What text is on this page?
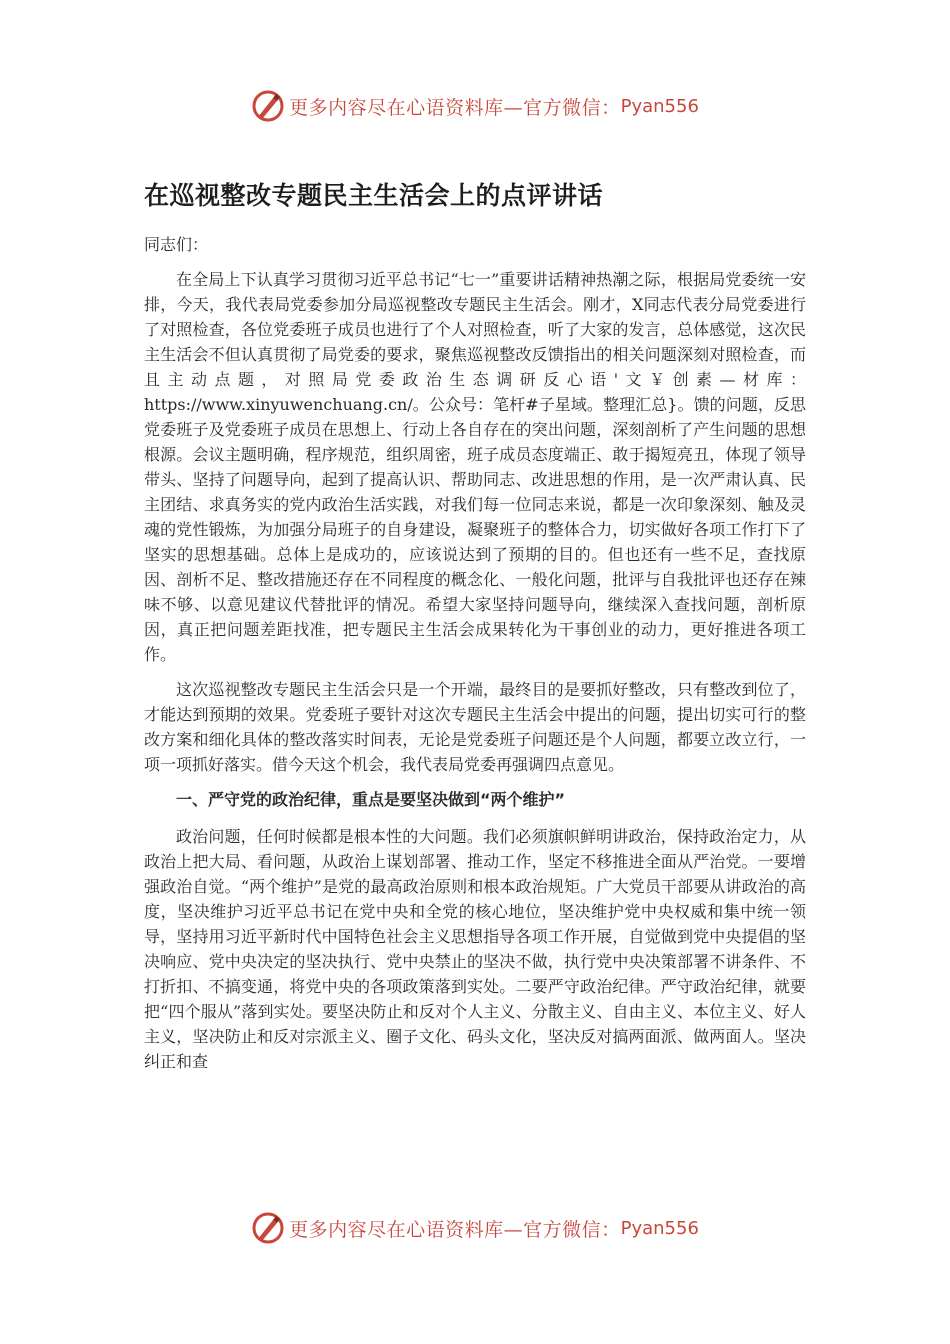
更多内容尽在心语资料库—官方微信： Pyan556
在巡视整改专题民主生活会上的点评讲话
同志们：

在全局上下认真学习贯彻习近平总书记“七一”重要讲话精神热潮之际，根据局党委统一安排，今天，我代表局党委参加分局巡视整改专题民主生活会。刚才，X同志代表分局党委进行了对照检查，各位党委班子成员也进行了个人对照检查，听了大家的发言，总体感觉，这次民主生活会不但认真贯彻了局党委的要求，聚焦巡视整改反馈指出的相关问题深刻对照检查，而且主动点题，对照局党委政治生态调研反心语'文￥创素—材库：https://www.xinyuwenchuang.cn/。公众号：笔杆#子星域。整理汇总}。馈的问题，反思党委班子及党委班子成员在思想上、行动上各自存在的突出问题，深刻剖析了产生问题的思想根源。会议主题明确，程序规范，组织周密，班子成员态度端正、敢于揭短亮丑，体现了领导带头、坚持了问题导向，起到了提高认识、帮助同志、改进思想的作用，是一次严肃认真、民主团结、求真务实的党内政治生活实践，对我们每一位同志来说，都是一次印象深刻、触及灵魂的党性锻炼，为加强分局班子的自身建设，凝聚班子的整体合力，切实做好各项工作打下了坚实的思想基础。总体上是成功的，应该说达到了预期的目的。但也还有一些不足，查找原因、剖析不足、整改措施还存在不同程度的概念化、一般化问题，批评与自我批评也还存在辣味不够、以意见建议代替批评的情况。希望大家坚持问题导向，继续深入查找问题，剖析原因，真正把问题差距找准，把专题民主生活会成果转化为干事创业的动力，更好推进各项工作。

这次巡视整改专题民主生活会只是一个开端，最终目的是要抓好整改，只有整改到位了，才能达到预期的效果。党委班子要针对这次专题民主生活会中提出的问题，提出切实可行的整改方案和细化具体的整改落实时间表，无论是党委班子问题还是个人问题，都要立改立行，一项一项抓好落实。借今天这个机会，我代表局党委再强调四点意见。

一、严守党的政治纪律，重点是要坚决做到“两个维护”

政治问题，任何时候都是根本性的大问题。我们必须旗帜鲜明讲政治，保持政治定力，从政治上把大局、看问题，从政治上谋划部署、推动工作，坚定不移推进全面从严治党。一要增强政治自觉。“两个维护”是党的最高政治原则和根本政治规矩。广大党员干部要从讲政治的高度，坚决维护习近平总书记在党中央和全党的核心地位，坚决维护党中央权威和集中统一领导，坚持用习近平新时代中国特色社会主义思想指导各项工作开展，自觉做到党中央提倡的坚决响应、党中央决定的坚决执行、党中央禁止的坚决不做，执行党中央决策部署不讲条件、不打折扣、不搞变通，将党中央的各项政策落到实处。二要严守政治纪律。严守政治纪律，就要把“四个服从”落到实处。要坚决防止和反对个人主义、分散主义、自由主义、本位主义、好人主义，坚决防止和反对宗派主义、圈子文化、码头文化，坚决反对搞两面派、做两面人。坚决纠正和查

更多内容尽在心语资料库—官方微信： Pyan556
